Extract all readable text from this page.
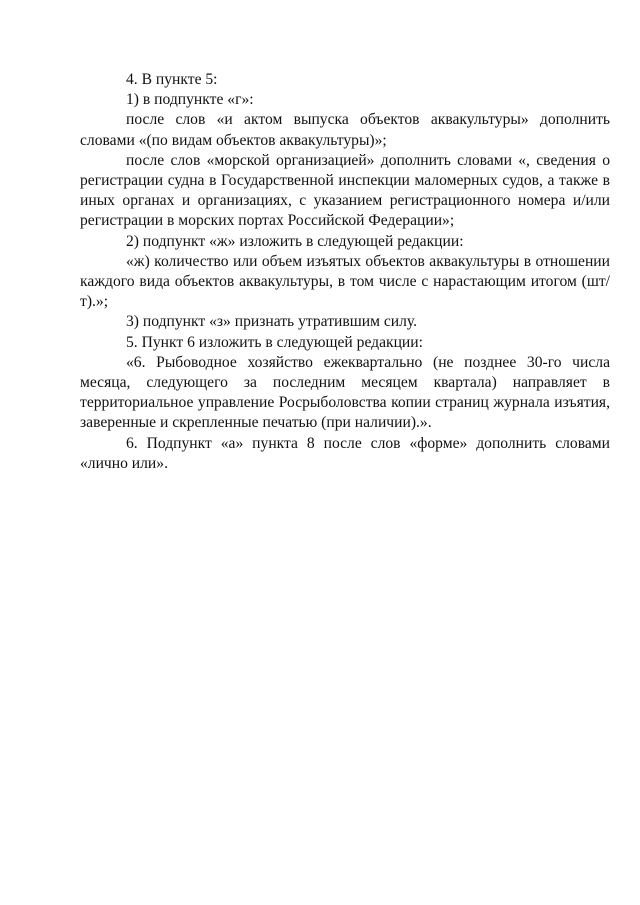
4. В пункте 5:

1) в подпункте «г»:

после слов «и актом выпуска объектов аквакультуры» дополнить словами «(по видам объектов аквакультуры)»;

после слов «морской организацией» дополнить словами «, сведения о регистрации судна в Государственной инспекции маломерных судов, а также в иных органах и организациях, с указанием регистрационного номера и/или регистрации в морских портах Российской Федерации»;

2) подпункт «ж» изложить в следующей редакции:

«ж) количество или объем изъятых объектов аквакультуры в отношении каждого вида объектов аквакультуры, в том числе с нарастающим итогом (шт/т).»;

3) подпункт «з» признать утратившим силу.

5. Пункт 6 изложить в следующей редакции:

«6. Рыбоводное хозяйство ежеквартально (не позднее 30-го числа месяца, следующего за последним месяцем квартала) направляет в территориальное управление Росрыболовства копии страниц журнала изъятия, заверенные и скрепленные печатью (при наличии).».

6. Подпункт «а» пункта 8 после слов «форме» дополнить словами «лично или».
